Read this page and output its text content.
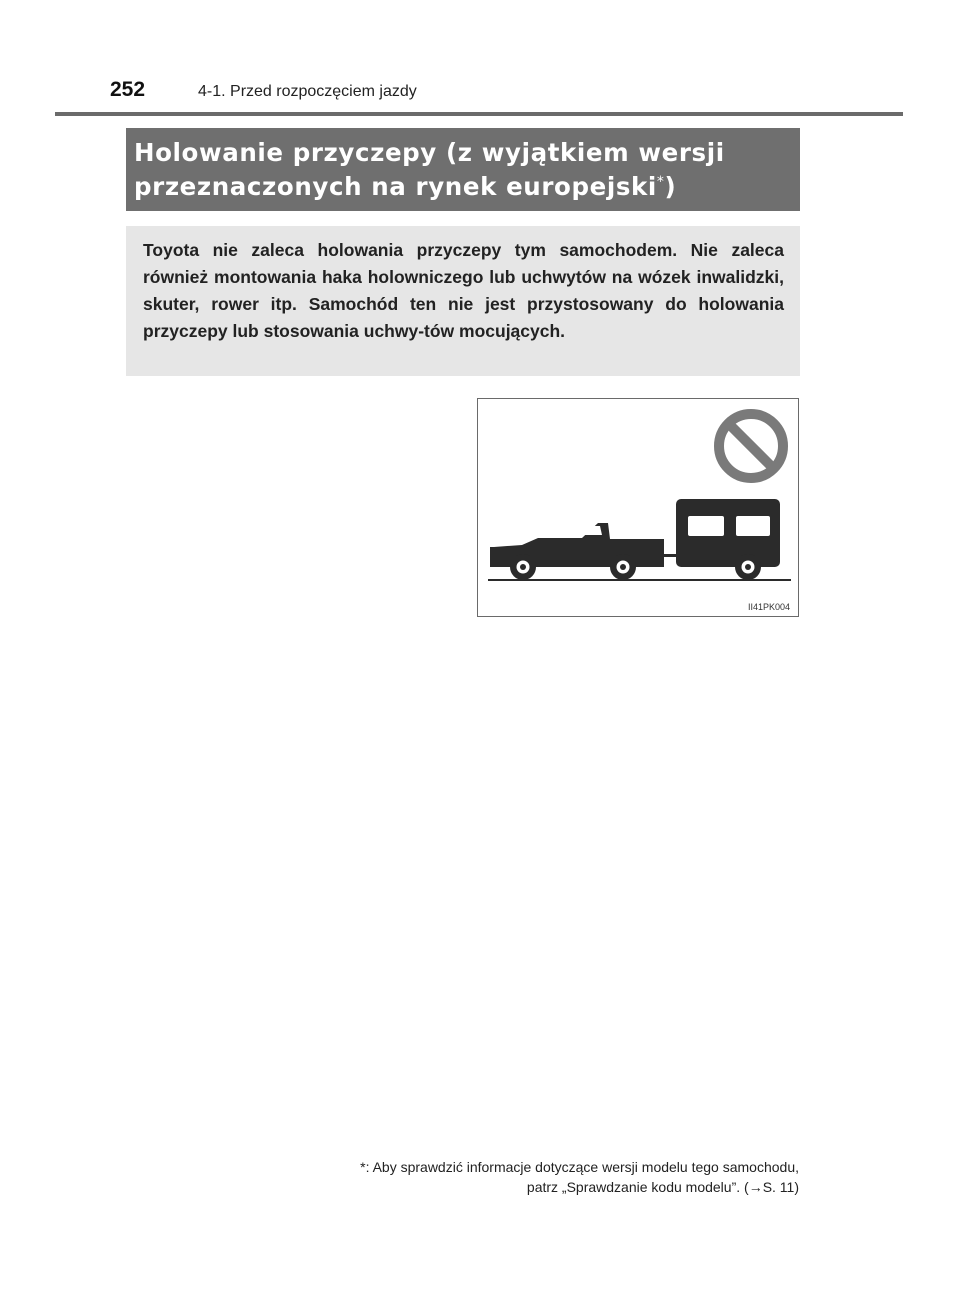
252	4-1. Przed rozpoczęciem jazdy
Holowanie przyczepy (z wyjątkiem wersji
przeznaczonych na rynek europejski*)

Toyota nie zaleca holowania przyczepy tym samochodem. Nie zaleca również montowania haka holowniczego lub uchwytów na wózek inwalidzki, skuter, rower itp. Samochód ten nie jest przystosowany do holowania przyczepy lub stosowania uchwy-tów mocujących.

II41PK004
*: Aby sprawdzić informacje dotyczące wersji modelu tego samochodu,
patrz „Sprawdzanie kodu modelu”. (→S. 11)
